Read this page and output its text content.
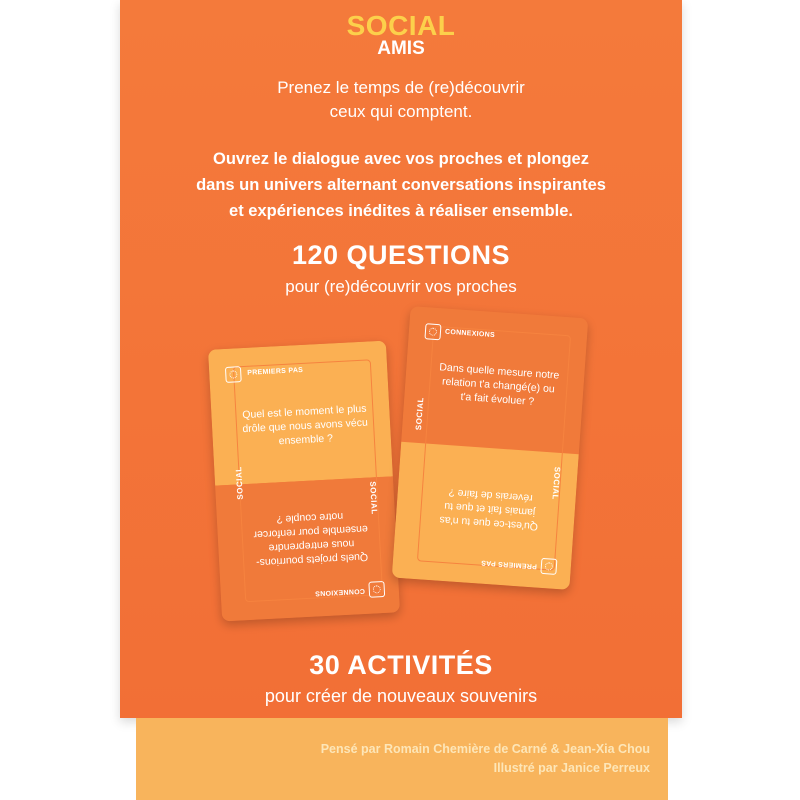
SOCIAL
AMIS
Prenez le temps de (re)découvrir
ceux qui comptent.
Ouvrez le dialogue avec vos proches et plongez
dans un univers alternant conversations inspirantes
et expériences inédites à réaliser ensemble.
120 QUESTIONS
pour (re)découvrir vos proches
PREMIERS PAS
SOCIAL	SOCIAL
Quel est le moment le plus drôle que nous avons vécu ensemble ?
Quels projets pourrions-nous entreprendre ensemble pour renforcer notre couple ?
CONNEXIONS
CONNEXIONS
SOCIAL
SOCIAL
Dans quelle mesure notre relation t'a changé(e) ou t'a fait évoluer ?
Qu'est-ce que tu n'as jamais fait et que tu réverais de faire ?
PREMIERS PAS
30 ACTIVITÉS
pour créer de nouveaux souvenirs
Pensé par Romain Chemière de Carné & Jean-Xia Chou
Illustré par Janice Perreux
